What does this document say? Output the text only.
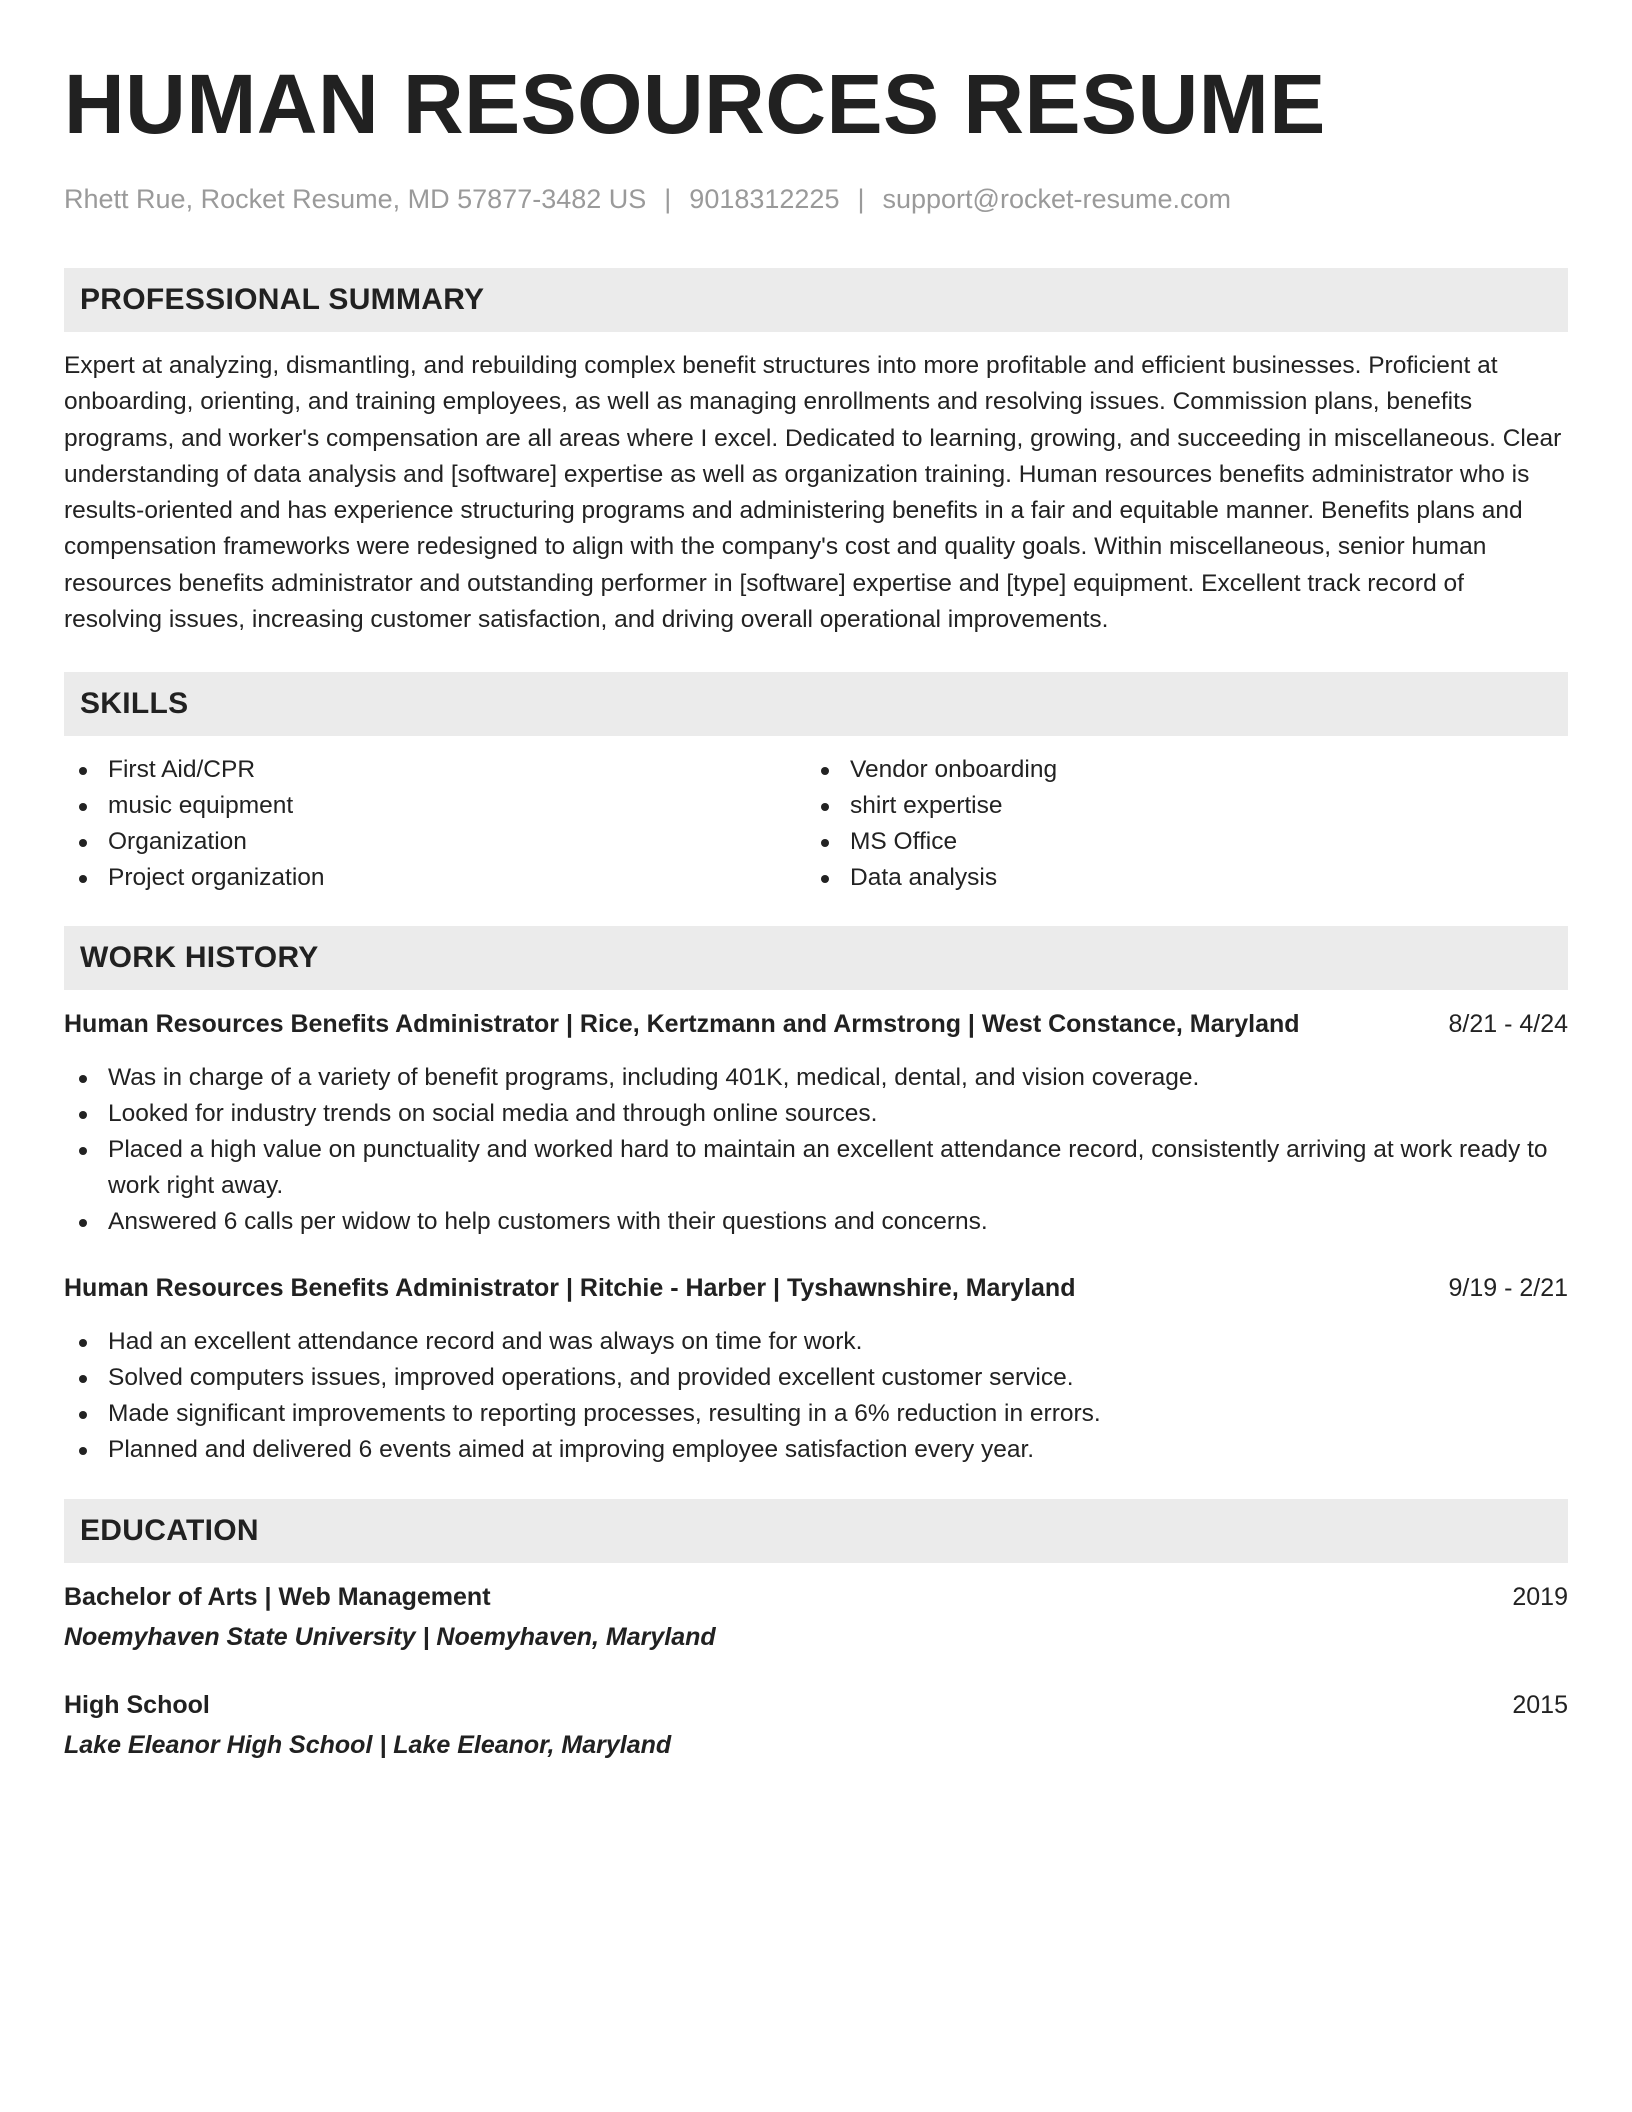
HUMAN RESOURCES RESUME
Rhett Rue, Rocket Resume, MD 57877-3482 US | 9018312225 | support@rocket-resume.com
PROFESSIONAL SUMMARY

Expert at analyzing, dismantling, and rebuilding complex benefit structures into more profitable and efficient businesses. Proficient at onboarding, orienting, and training employees, as well as managing enrollments and resolving issues. Commission plans, benefits programs, and worker's compensation are all areas where I excel. Dedicated to learning, growing, and succeeding in miscellaneous. Clear understanding of data analysis and [software] expertise as well as organization training. Human resources benefits administrator who is results-oriented and has experience structuring programs and administering benefits in a fair and equitable manner. Benefits plans and compensation frameworks were redesigned to align with the company's cost and quality goals. Within miscellaneous, senior human resources benefits administrator and outstanding performer in [software] expertise and [type] equipment. Excellent track record of resolving issues, increasing customer satisfaction, and driving overall operational improvements.

SKILLS
First Aid/CPR
music equipment
Organization
Project organization
Vendor onboarding
shirt expertise
MS Office
Data analysis
WORK HISTORY
Human Resources Benefits Administrator | Rice, Kertzmann and Armstrong | West Constance, Maryland	8/21 - 4/24
Was in charge of a variety of benefit programs, including 401K, medical, dental, and vision coverage.
Looked for industry trends on social media and through online sources.
Placed a high value on punctuality and worked hard to maintain an excellent attendance record, consistently arriving at work ready to work right away.
Answered 6 calls per widow to help customers with their questions and concerns.
Human Resources Benefits Administrator | Ritchie - Harber | Tyshawnshire, Maryland	9/19 - 2/21
Had an excellent attendance record and was always on time for work.
Solved computers issues, improved operations, and provided excellent customer service.
Made significant improvements to reporting processes, resulting in a 6% reduction in errors.
Planned and delivered 6 events aimed at improving employee satisfaction every year.
EDUCATION
Bachelor of Arts | Web Management	2019
Noemyhaven State University | Noemyhaven, Maryland
High School	2015
Lake Eleanor High School | Lake Eleanor, Maryland
